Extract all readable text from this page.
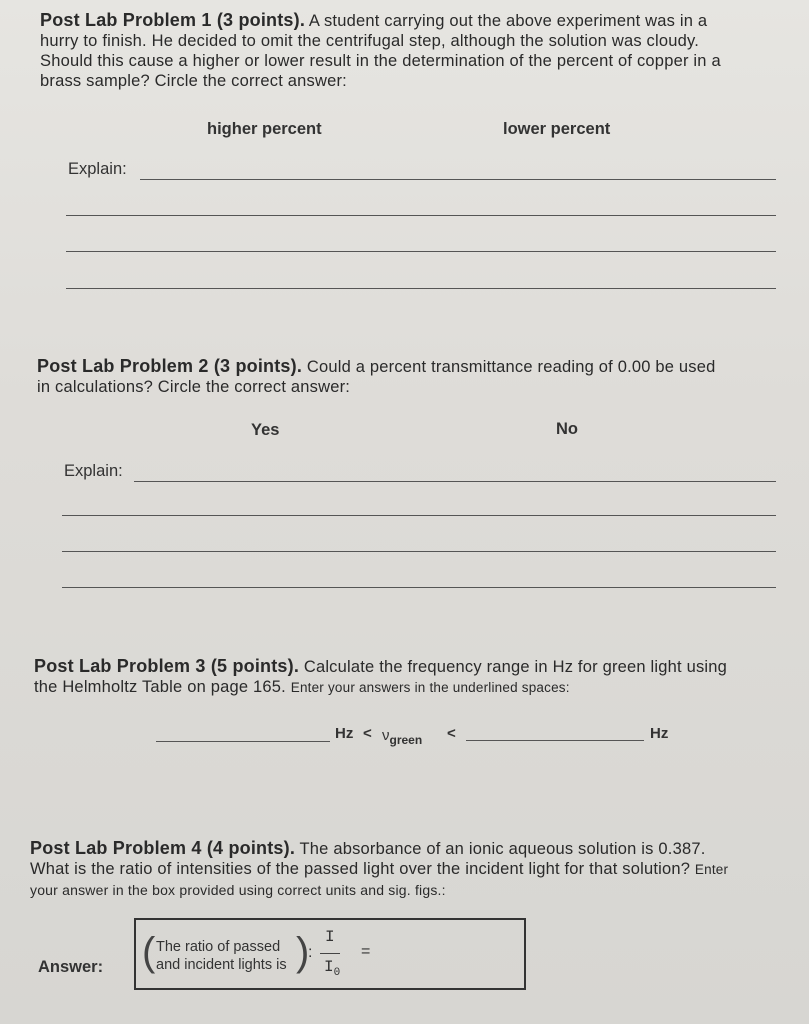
Post Lab Problem 1 (3 points). A student carrying out the above experiment was in a
hurry to finish. He decided to omit the centrifugal step, although the solution was cloudy.
Should this cause a higher or lower result in the determination of the percent of copper in a
brass sample? Circle the correct answer:
higher percent	lower percent
Explain:
Post Lab Problem 2 (3 points). Could a percent transmittance reading of 0.00 be used
in calculations? Circle the correct answer:
Yes	No
Explain:
Post Lab Problem 3 (5 points). Calculate the frequency range in Hz for green light using
the Helmholtz Table on page 165. Enter your answers in the underlined spaces:
$Hz < \nu_{green}$ <	Hz
Post Lab Problem 4 (4 points). The absorbance of an ionic aqueous solution is 0.387.
What is the ratio of intensities of the passed light over the incident light for that solution? Enter
your answer in the box provided using correct units and sig. figs.:
Answer: ( The ratio of passed
and incident lights is )
:
I
$I_0$
=
